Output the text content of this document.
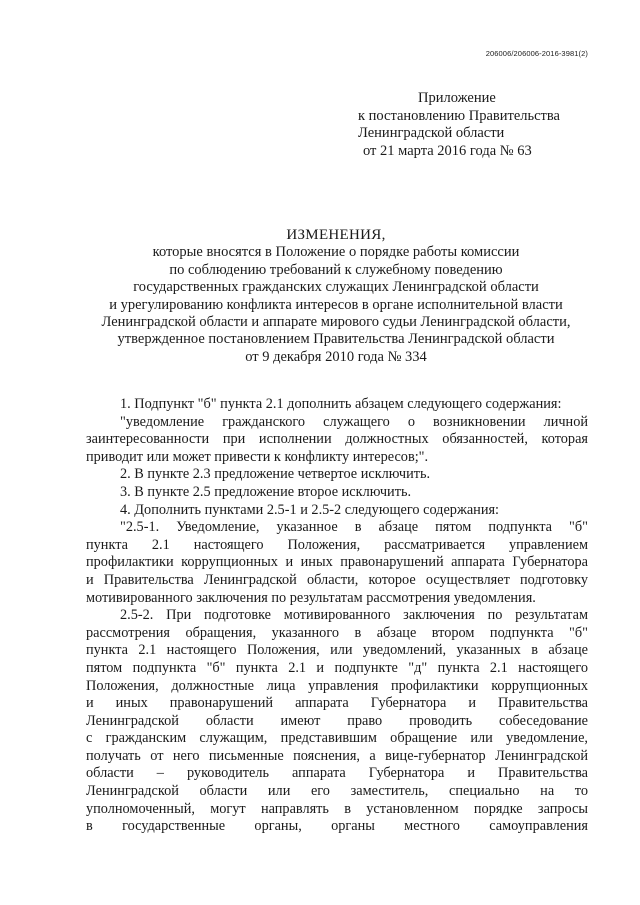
206006/206006-2016-3981(2)
Приложение
к постановлению Правительства
Ленинградской области
от 21 марта 2016 года № 63
ИЗМЕНЕНИЯ,
которые вносятся в Положение о порядке работы комиссии
по соблюдению требований к служебному поведению
государственных гражданских служащих Ленинградской области
и урегулированию конфликта интересов в органе исполнительной власти
Ленинградской области и аппарате мирового судьи Ленинградской области,
утвержденное постановлением Правительства Ленинградской области
от 9 декабря 2010 года № 334
1. Подпункт "б" пункта 2.1 дополнить абзацем следующего содержания:
"уведомление гражданского служащего о возникновении личной
заинтересованности при исполнении должностных обязанностей, которая
приводит или может привести к конфликту интересов;".
2. В пункте 2.3 предложение четвертое исключить.
3. В пункте 2.5 предложение второе исключить.
4. Дополнить пунктами 2.5-1 и 2.5-2 следующего содержания:
"2.5-1. Уведомление, указанное в абзаце пятом подпункта "б"
пункта 2.1 настоящего Положения, рассматривается управлением
профилактики коррупционных и иных правонарушений аппарата Губернатора
и Правительства Ленинградской области, которое осуществляет подготовку
мотивированного заключения по результатам рассмотрения уведомления.
2.5-2. При подготовке мотивированного заключения по результатам
рассмотрения обращения, указанного в абзаце втором подпункта "б"
пункта 2.1 настоящего Положения, или уведомлений, указанных в абзаце
пятом подпункта "б" пункта 2.1 и подпункте "д" пункта 2.1 настоящего
Положения, должностные лица управления профилактики коррупционных
и иных правонарушений аппарата Губернатора и Правительства
Ленинградской области имеют право проводить собеседование
с гражданским служащим, представившим обращение или уведомление,
получать от него письменные пояснения, а вице-губернатор Ленинградской
области – руководитель аппарата Губернатора и Правительства
Ленинградской области или его заместитель, специально на то
уполномоченный, могут направлять в установленном порядке запросы
в государственные органы, органы местного самоуправления
